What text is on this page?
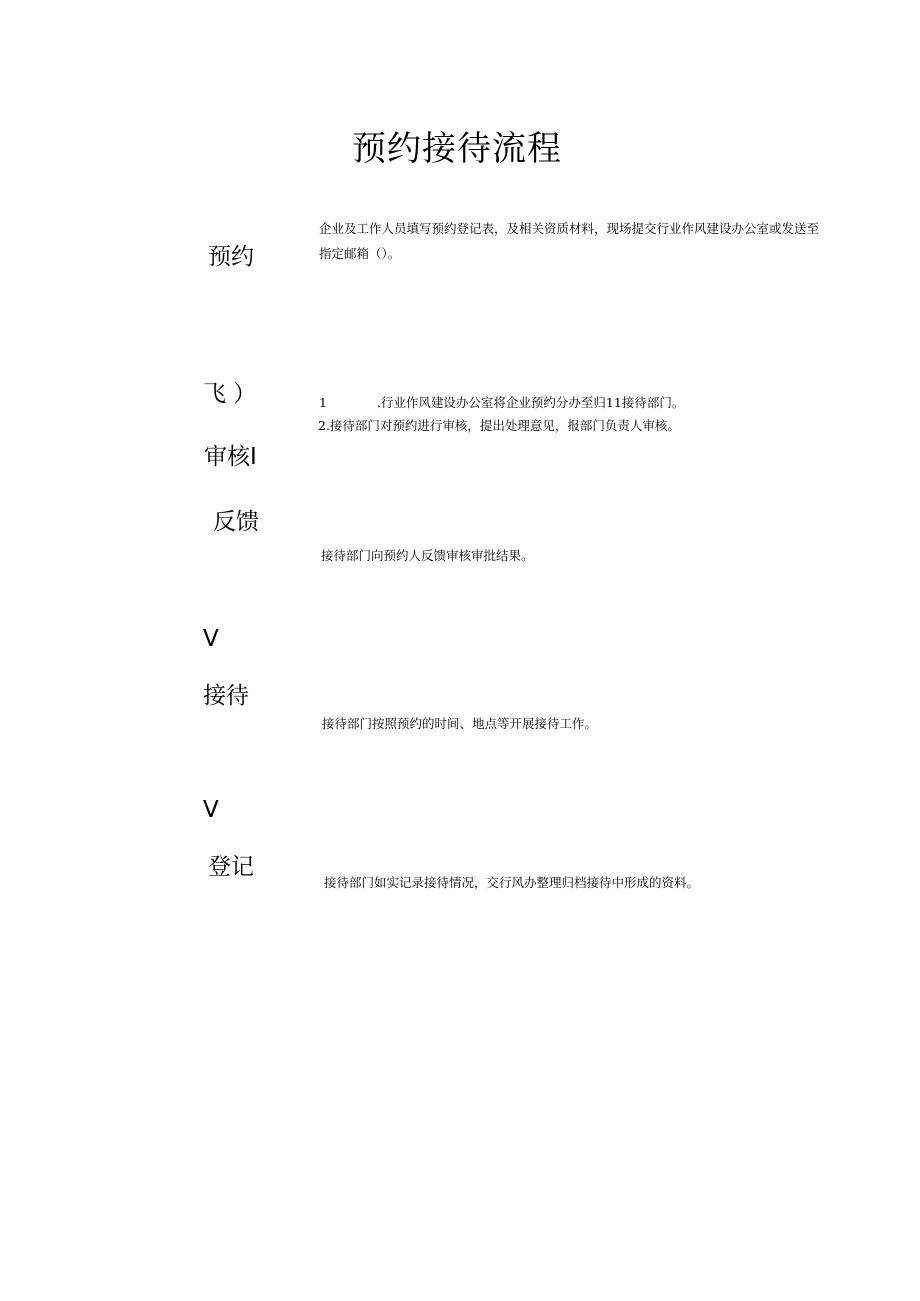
预约接待流程
预约

企业及工作人员填写预约登记表，及相关资质材料，现场提交行业作风建设办公室或发送至指定邮箱（）。

飞 ）	1	.行业作风建设办公室将企业预约分办至归11接待部门。

2.接待部门对预约进行审核，提出处理意见，报部门负责人审核。

审核I
反馈

接待部门向预约人反馈审核审批结果。

V
接待

接待部门按照预约的时间、地点等开展接待工作。

V
登记

接待部门如实记录接待情况，交行风办整理归档接待中形成的资料。
